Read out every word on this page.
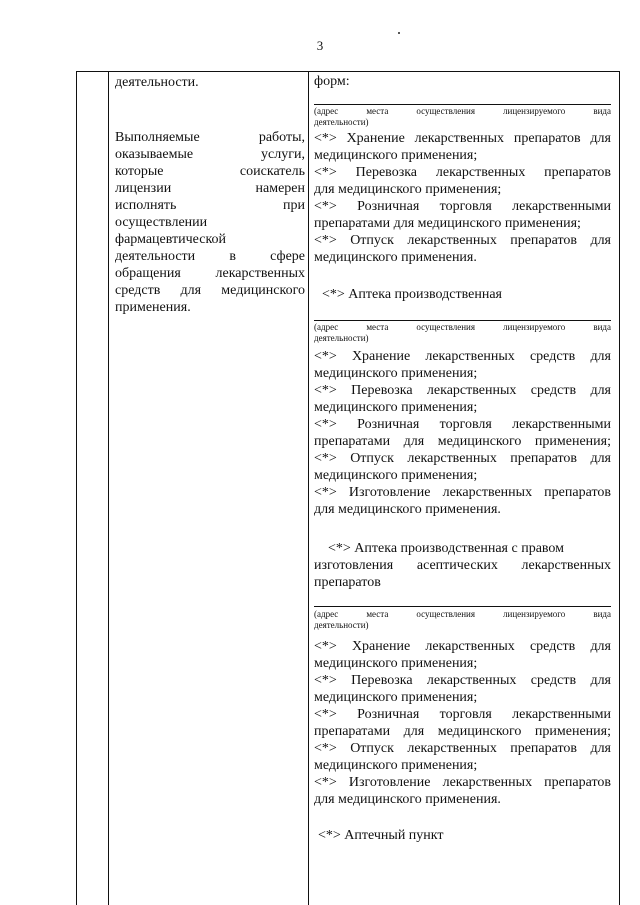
3
деятельности.
Выполняемые работы,
оказываемые услуги,
которые соискатель
лицензии намерен
исполнять при
осуществлении
фармацевтической
деятельности в сфере
обращения лекарственных
средств для медицинского
применения.
форм:
(адрес места осуществления лицензируемого вида
деятельности)
<*> Хранение лекарственных препаратов для
медицинского применения;
<*> Перевозка лекарственных препаратов
для медицинского применения;
<*> Розничная торговля лекарственными
препаратами для медицинского применения;
<*> Отпуск лекарственных препаратов для
медицинского применения.
<*> Аптека производственная
(адрес места осуществления лицензируемого вида
деятельности)
<*> Хранение лекарственных средств для
медицинского применения;
<*> Перевозка лекарственных средств для
медицинского применения;
<*> Розничная торговля лекарственными
препаратами для медицинского применения;
<*> Отпуск лекарственных препаратов для
медицинского применения;
<*> Изготовление лекарственных препаратов
для медицинского применения.
<*> Аптека производственная с правом
изготовления асептических лекарственных
препаратов
(адрес места осуществления лицензируемого вида
деятельности)
<*> Хранение лекарственных средств для
медицинского применения;
<*> Перевозка лекарственных средств для
медицинского применения;
<*> Розничная торговля лекарственными
препаратами для медицинского применения;
<*> Отпуск лекарственных препаратов для
медицинского применения;
<*> Изготовление лекарственных препаратов
для медицинского применения.
<*> Аптечный пункт
